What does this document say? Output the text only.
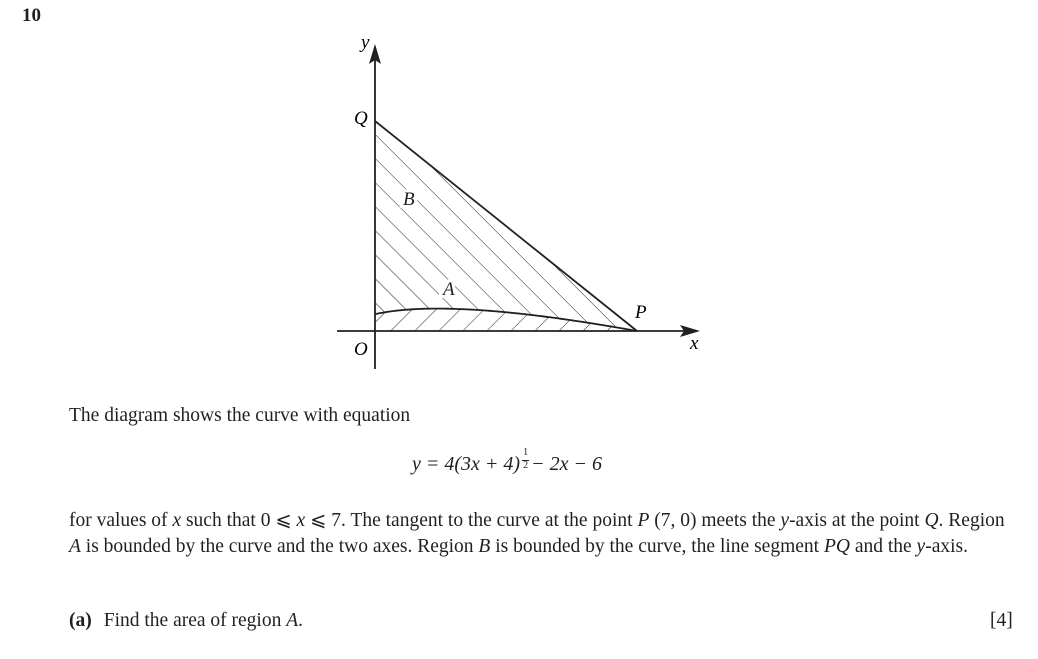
10
y
x
O
Q
P
B
A
The diagram shows the curve with equation
$y = 4(3x + 4) \frac{1}{2} - 2x - 6$
for values of x such that 0 ⩽ x ⩽ 7. The tangent to the curve at the point P (7, 0) meets the y-axis at the point Q. Region A is bounded by the curve and the two axes. Region B is bounded by the curve, the line segment PQ and the y-axis.
(a) Find the area of region A.	[4]
